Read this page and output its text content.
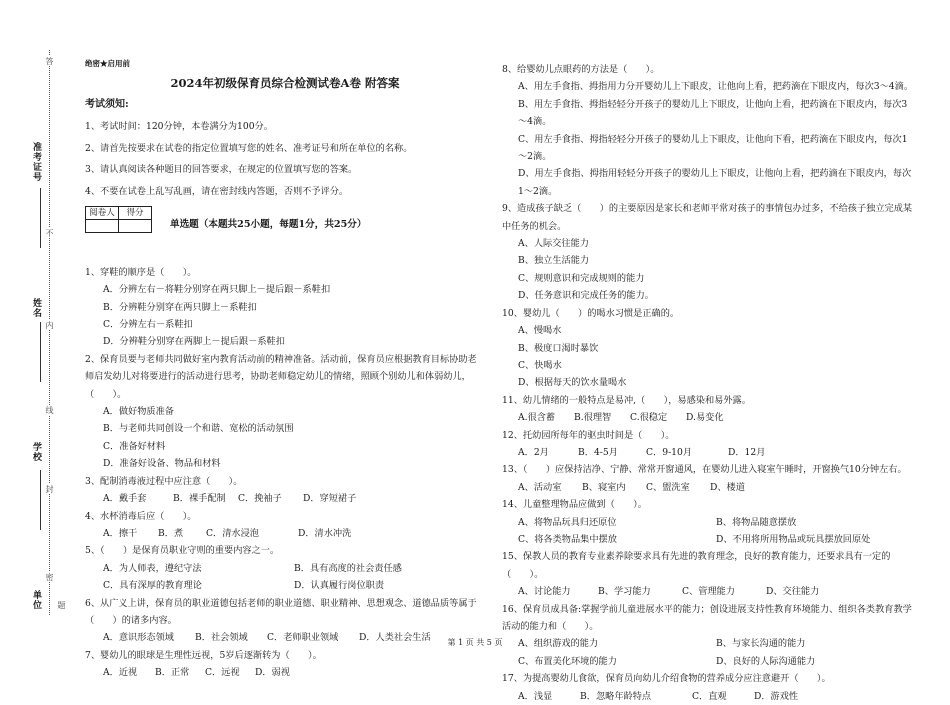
答
不
内
线
封
密
题
准考证号
姓名
学校
单位
绝密★启用前
2024年初级保育员综合检测试卷A卷 附答案
考试须知:

1、考试时间：120分钟，本卷满分为100分。

2、请首先按要求在试卷的指定位置填写您的姓名、准考证号和所在单位的名称。

3、请认真阅读各种题目的回答要求，在规定的位置填写您的答案。

4、不要在试卷上乱写乱画，请在密封线内答题，否则不予评分。

阅卷人	得分

单选题（本题共25小题，每题1分，共25分）

1、穿鞋的顺序是（　　）。

A．分辨左右－将鞋分别穿在两只脚上－提后跟－系鞋扣

B．分辨鞋分别穿在两只脚上－系鞋扣

C．分辨左右－系鞋扣

D．分辨鞋分别穿在两脚上－提后跟－系鞋扣

2、保育员要与老师共同做好室内教育活动前的精神准备。活动前，保育员应根据教育目标协助老师启发幼儿对将要进行的活动进行思考，协助老师稳定幼儿的情绪，照顾个别幼儿和体弱幼儿，（　　）。

A．做好物质准备

B．与老师共同创设一个和谐、宽松的活动氛围

C．准备好材料

D．准备好设备、物品和材料

3、配制消毒液过程中应注意（　　）。

A．戴手套	B．裸手配制	C．挽袖子	D．穿短裙子

4、水杯消毒后应（　　）。

A．擦干	B．煮	C．清水浸泡	D．清水冲洗

5、（　　）是保育员职业守则的重要内容之一。

A．为人师表，遵纪守法	B．具有高度的社会责任感

C．具有深厚的教育理论	D．认真履行岗位职责

6、从广义上讲，保育员的职业道德包括老师的职业道德、职业精神、思想观念、道德品质等属于（　　）的诸多内容。

A．意识形态领域	B．社会领域	C．老师职业领域	D．人类社会生活

7、婴幼儿的眼球是生理性远视，5岁后逐渐转为（　　）。

A．近视	B．正常	C．远视	D．弱视

8、给婴幼儿点眼药的方法是（　　）。

A、用左手食指、拇指用力分开婴幼儿上下眼皮，让他向上看，把药滴在下眼皮内，每次3～4滴。

B、用左手食指、拇指轻轻分开孩子的婴幼儿上下眼皮，让他向上看，把药滴在下眼皮内，每次3～4滴。

C、用左手食指、拇指轻轻分开孩子的婴幼儿上下眼皮，让他向下看，把药滴在下眼皮内，每次1～2滴。

D、用左手食指、拇指用轻轻分开孩子的婴幼儿上下眼皮，让他向上看，把药滴在下眼皮内，每次1～2滴。

9、造成孩子缺乏（　　）的主要原因是家长和老师平常对孩子的事情包办过多，不给孩子独立完成某中任务的机会。

A、人际交往能力

B、独立生活能力

C、规则意识和完成规则的能力

D、任务意识和完成任务的能力。

10、婴幼儿（　　）的喝水习惯是正确的。

A、慢喝水

B、极度口渴时暴饮

C、快喝水

D、根据每天的饮水量喝水

11、幼儿情绪的一般特点是易冲,（　　），易感染和易外露。

A.很含蓄	B.很理智	C.很稳定	D.易变化

12、托幼园所每年的驱虫时间是（　　）。

A．2月	B．4-5月	C．9-10月	D．12月

13、（　　）应保持洁净、宁静、常常开窗通风，在婴幼儿进入寝室午睡时，开窗换气10分钟左右。

A、活动室	B、寝室内	C、盥洗室	D、楼道

14、儿童整理物品应做到（　　）。

A、将物品玩具归还原位	B、将物品随意摆放

C、将各类物品集中摆放	D、不用将所用物品或玩具摆放回原处

15、保教人员的教育专业素养除要求具有先进的教育理念，良好的教育能力，还要求具有一定的（　　）。

A、讨论能力	B、学习能力	C、管理能力	D、交往能力

16、保育员成具备:掌握学前儿童进展水平的能力；创设进展支持性教育环境能力、组织各类教育教学活动的能力和（　　）。

A、组织游戏的能力	B、与家长沟通的能力

C、布置美化环境的能力	D、良好的人际沟通能力

17、为提高婴幼儿食欲，保育员向幼儿介绍食物的营养成分应注意避开（　　）。

A．浅显	B．忽略年龄特点	C．直观	D．游戏性

第 1 页 共 5 页
